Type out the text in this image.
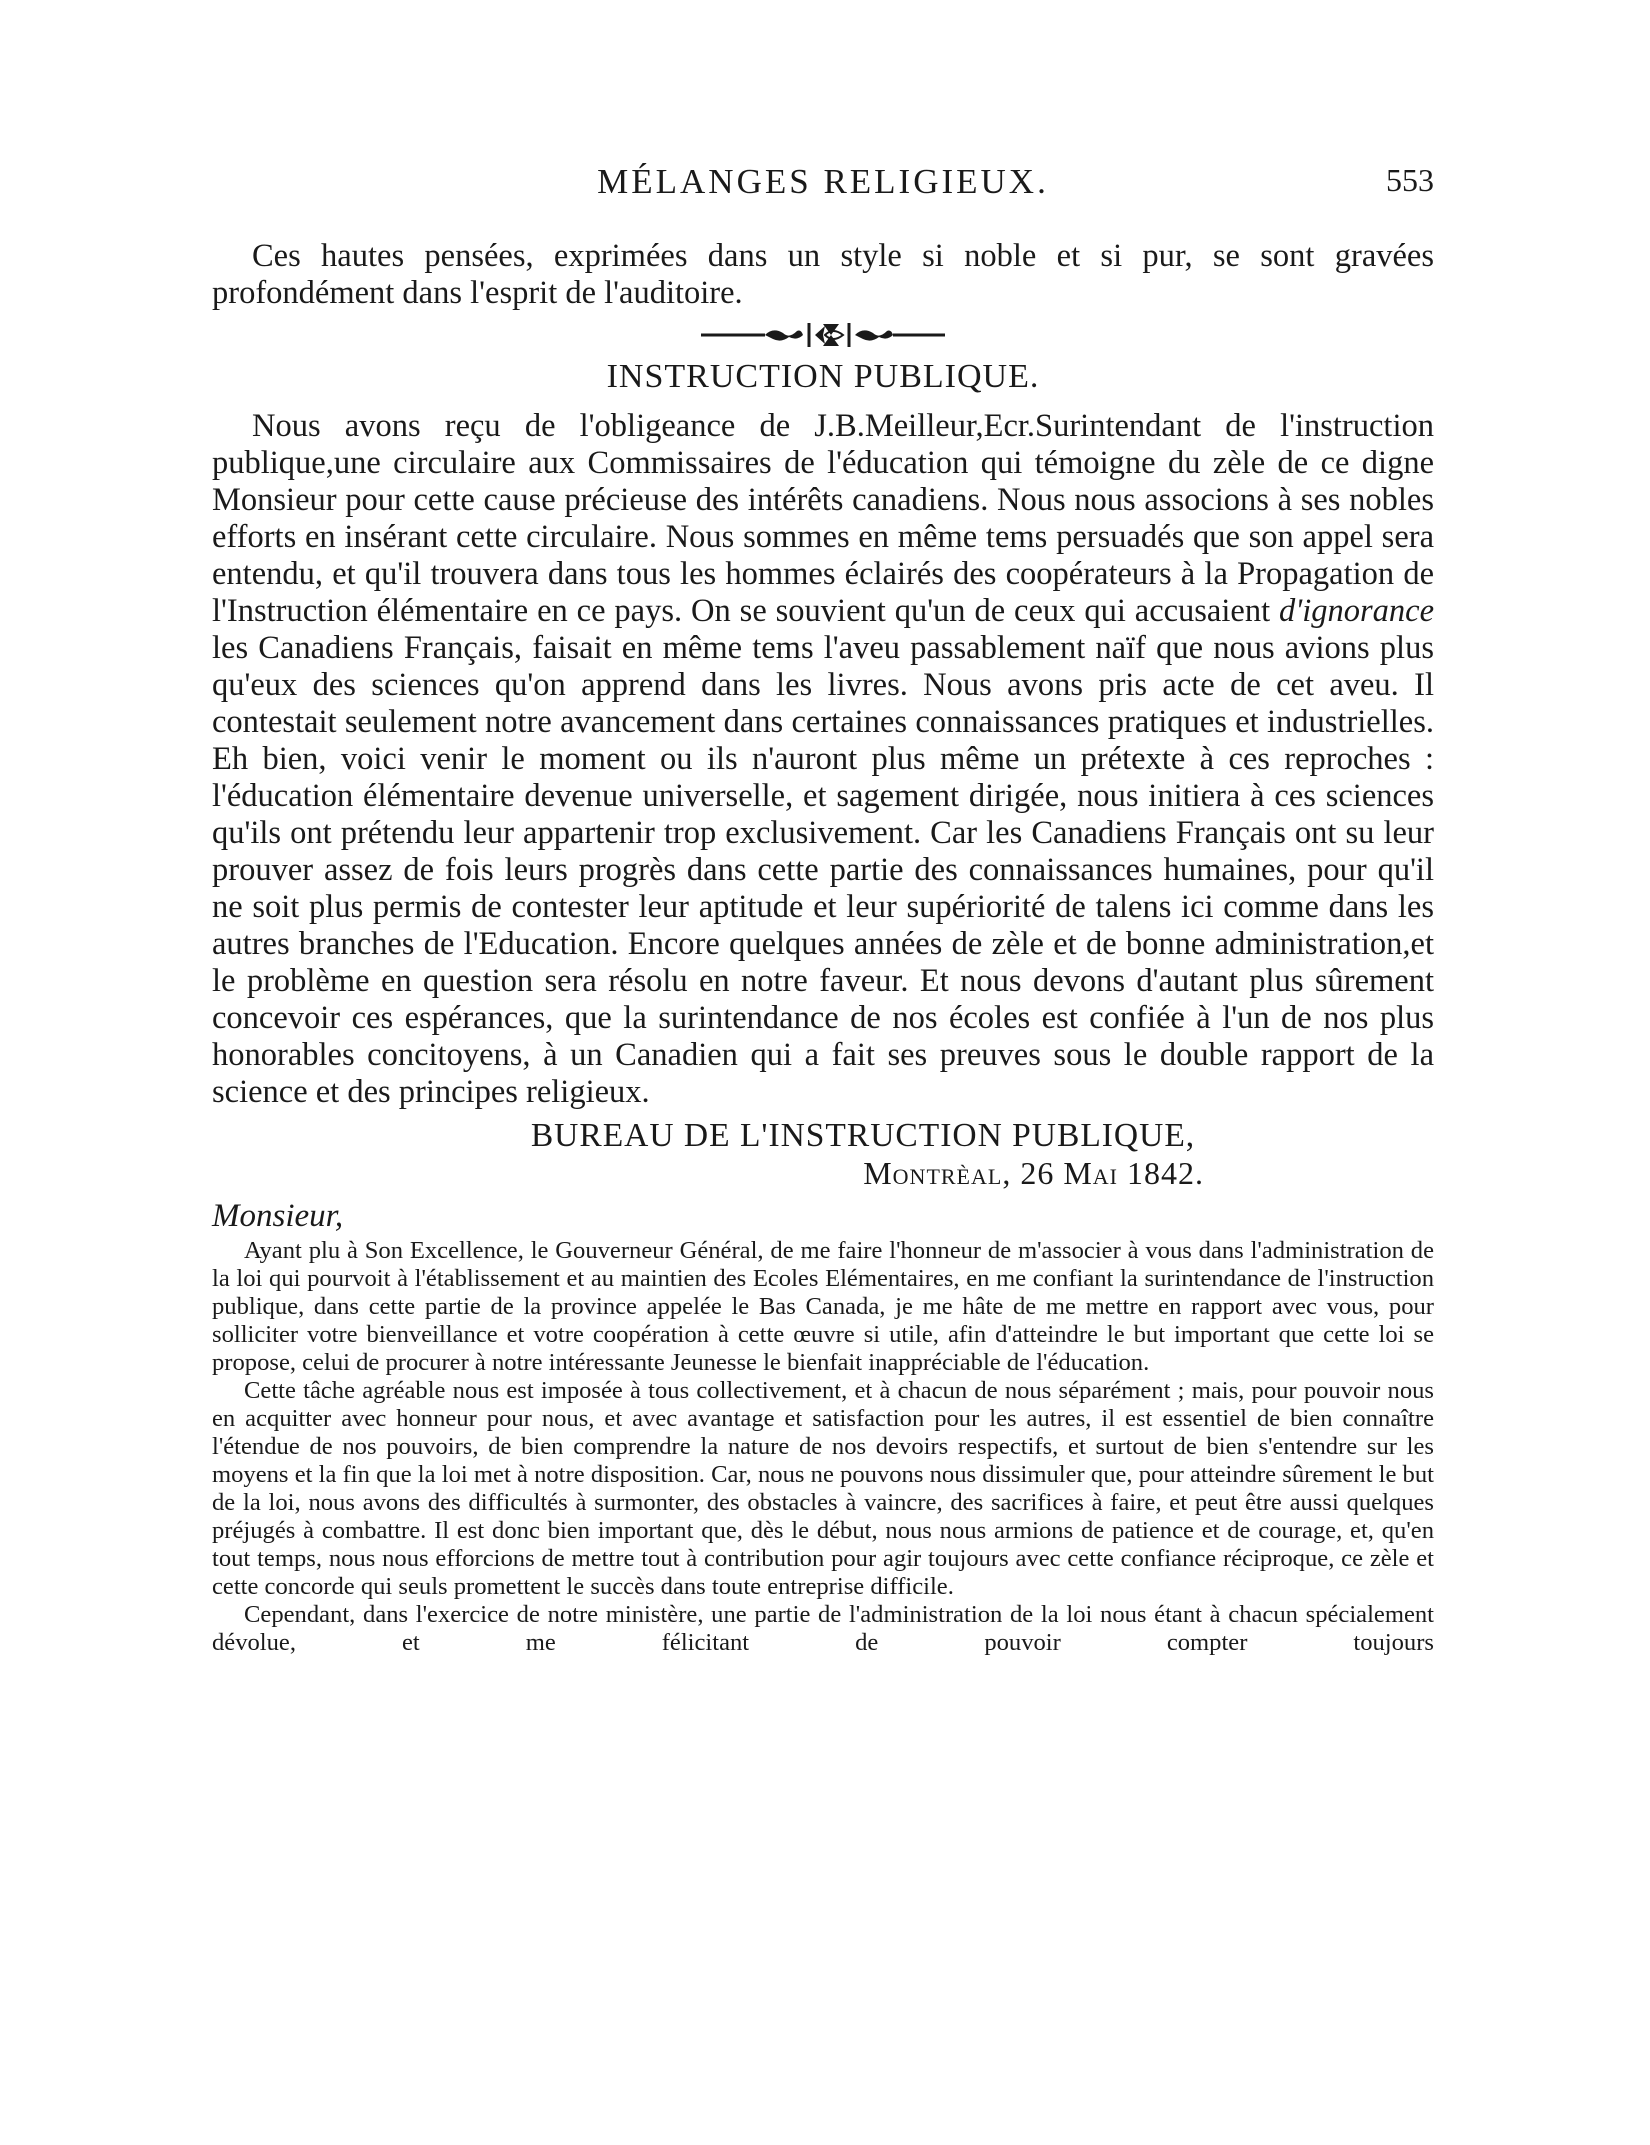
MÉLANGES RELIGIEUX.	553

Ces hautes pensées, exprimées dans un style si noble et si pur, se sont gravées profondément dans l'esprit de l'auditoire.

INSTRUCTION PUBLIQUE.

Nous avons reçu de l'obligeance de J.B.Meilleur,Ecr.Surintendant de l'instruction publique,une circulaire aux Commissaires de l'éducation qui témoigne du zèle de ce digne Monsieur pour cette cause précieuse des intérêts canadiens. Nous nous associons à ses nobles efforts en insérant cette circulaire. Nous sommes en même tems persuadés que son appel sera entendu, et qu'il trouvera dans tous les hommes éclairés des coopérateurs à la Propagation de l'Instruction élémentaire en ce pays. On se souvient qu'un de ceux qui accusaient d'ignorance les Canadiens Français, faisait en même tems l'aveu passablement naïf que nous avions plus qu'eux des sciences qu'on apprend dans les livres. Nous avons pris acte de cet aveu. Il contestait seulement notre avancement dans certaines connaissances pratiques et industrielles. Eh bien, voici venir le moment ou ils n'auront plus même un prétexte à ces reproches : l'éducation élémentaire devenue universelle, et sagement dirigée, nous initiera à ces sciences qu'ils ont prétendu leur appartenir trop exclusivement. Car les Canadiens Français ont su leur prouver assez de fois leurs progrès dans cette partie des connaissances humaines, pour qu'il ne soit plus permis de contester leur aptitude et leur supériorité de talens ici comme dans les autres branches de l'Education. Encore quelques années de zèle et de bonne administration,et le problème en question sera résolu en notre faveur. Et nous devons d'autant plus sûrement concevoir ces espérances, que la surintendance de nos écoles est confiée à l'un de nos plus honorables concitoyens, à un Canadien qui a fait ses preuves sous le double rapport de la science et des principes religieux.

BUREAU DE L'INSTRUCTION PUBLIQUE,
Montrèal, 26 Mai 1842.
Monsieur,

Ayant plu à Son Excellence, le Gouverneur Général, de me faire l'honneur de m'associer à vous dans l'administration de la loi qui pourvoit à l'établissement et au maintien des Ecoles Elémentaires, en me confiant la surintendance de l'instruction publique, dans cette partie de la province appelée le Bas Canada, je me hâte de me mettre en rapport avec vous, pour solliciter votre bienveillance et votre coopération à cette œuvre si utile, afin d'atteindre le but important que cette loi se propose, celui de procurer à notre intéressante Jeunesse le bienfait inappréciable de l'éducation.

Cette tâche agréable nous est imposée à tous collectivement, et à chacun de nous séparément ; mais, pour pouvoir nous en acquitter avec honneur pour nous, et avec avantage et satisfaction pour les autres, il est essentiel de bien connaître l'étendue de nos pouvoirs, de bien comprendre la nature de nos devoirs respectifs, et surtout de bien s'entendre sur les moyens et la fin que la loi met à notre disposition. Car, nous ne pouvons nous dissimuler que, pour atteindre sûrement le but de la loi, nous avons des difficultés à surmonter, des obstacles à vaincre, des sacrifices à faire, et peut être aussi quelques préjugés à combattre. Il est donc bien important que, dès le début, nous nous armions de patience et de courage, et, qu'en tout temps, nous nous efforcions de mettre tout à contribution pour agir toujours avec cette confiance réciproque, ce zèle et cette concorde qui seuls promettent le succès dans toute entreprise difficile.

Cependant, dans l'exercice de notre ministère, une partie de l'administration de la loi nous étant à chacun spécialement dévolue, et me félicitant de pouvoir compter toujours
